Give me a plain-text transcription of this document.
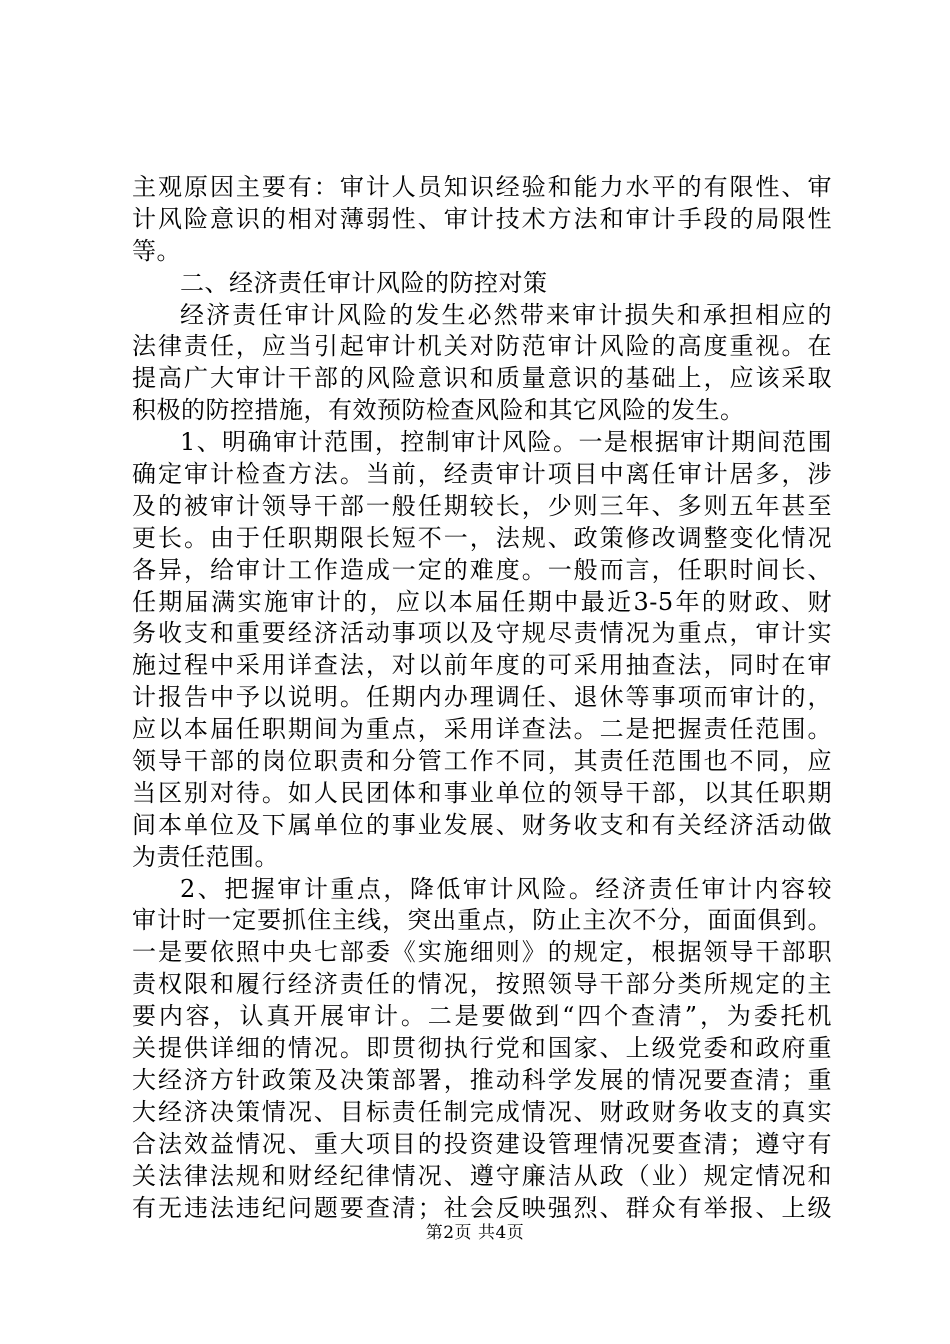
主观原因主要有：审计人员知识经验和能力水平的有限性、审
计风险意识的相对薄弱性、审计技术方法和审计手段的局限性
等。
二、经济责任审计风险的防控对策
经济责任审计风险的发生必然带来审计损失和承担相应的
法律责任，应当引起审计机关对防范审计风险的高度重视。在
提高广大审计干部的风险意识和质量意识的基础上，应该采取
积极的防控措施，有效预防检查风险和其它风险的发生。
1、明确审计范围，控制审计风险。一是根据审计期间范围
确定审计检查方法。当前，经责审计项目中离任审计居多，涉
及的被审计领导干部一般任期较长，少则三年、多则五年甚至
更长。由于任职期限长短不一，法规、政策修改调整变化情况
各异，给审计工作造成一定的难度。一般而言，任职时间长、
任期届满实施审计的，应以本届任期中最近3-5年的财政、财
务收支和重要经济活动事项以及守规尽责情况为重点，审计实
施过程中采用详查法，对以前年度的可采用抽查法，同时在审
计报告中予以说明。任期内办理调任、退休等事项而审计的，
应以本届任职期间为重点，采用详查法。二是把握责任范围。
领导干部的岗位职责和分管工作不同，其责任范围也不同，应
当区别对待。如人民团体和事业单位的领导干部，以其任职期
间本单位及下属单位的事业发展、财务收支和有关经济活动做
为责任范围。
2、把握审计重点，降低审计风险。经济责任审计内容较
审计时一定要抓住主线，突出重点，防止主次不分，面面俱到。
一是要依照中央七部委《实施细则》的规定，根据领导干部职
责权限和履行经济责任的情况，按照领导干部分类所规定的主
要内容，认真开展审计。二是要做到“四个查清”，为委托机
关提供详细的情况。即贯彻执行党和国家、上级党委和政府重
大经济方针政策及决策部署，推动科学发展的情况要查清；重
大经济决策情况、目标责任制完成情况、财政财务收支的真实
合法效益情况、重大项目的投资建设管理情况要查清；遵守有
关法律法规和财经纪律情况、遵守廉洁从政（业）规定情况和
有无违法违纪问题要查清；社会反映强烈、群众有举报、上级
第2页 共4页
